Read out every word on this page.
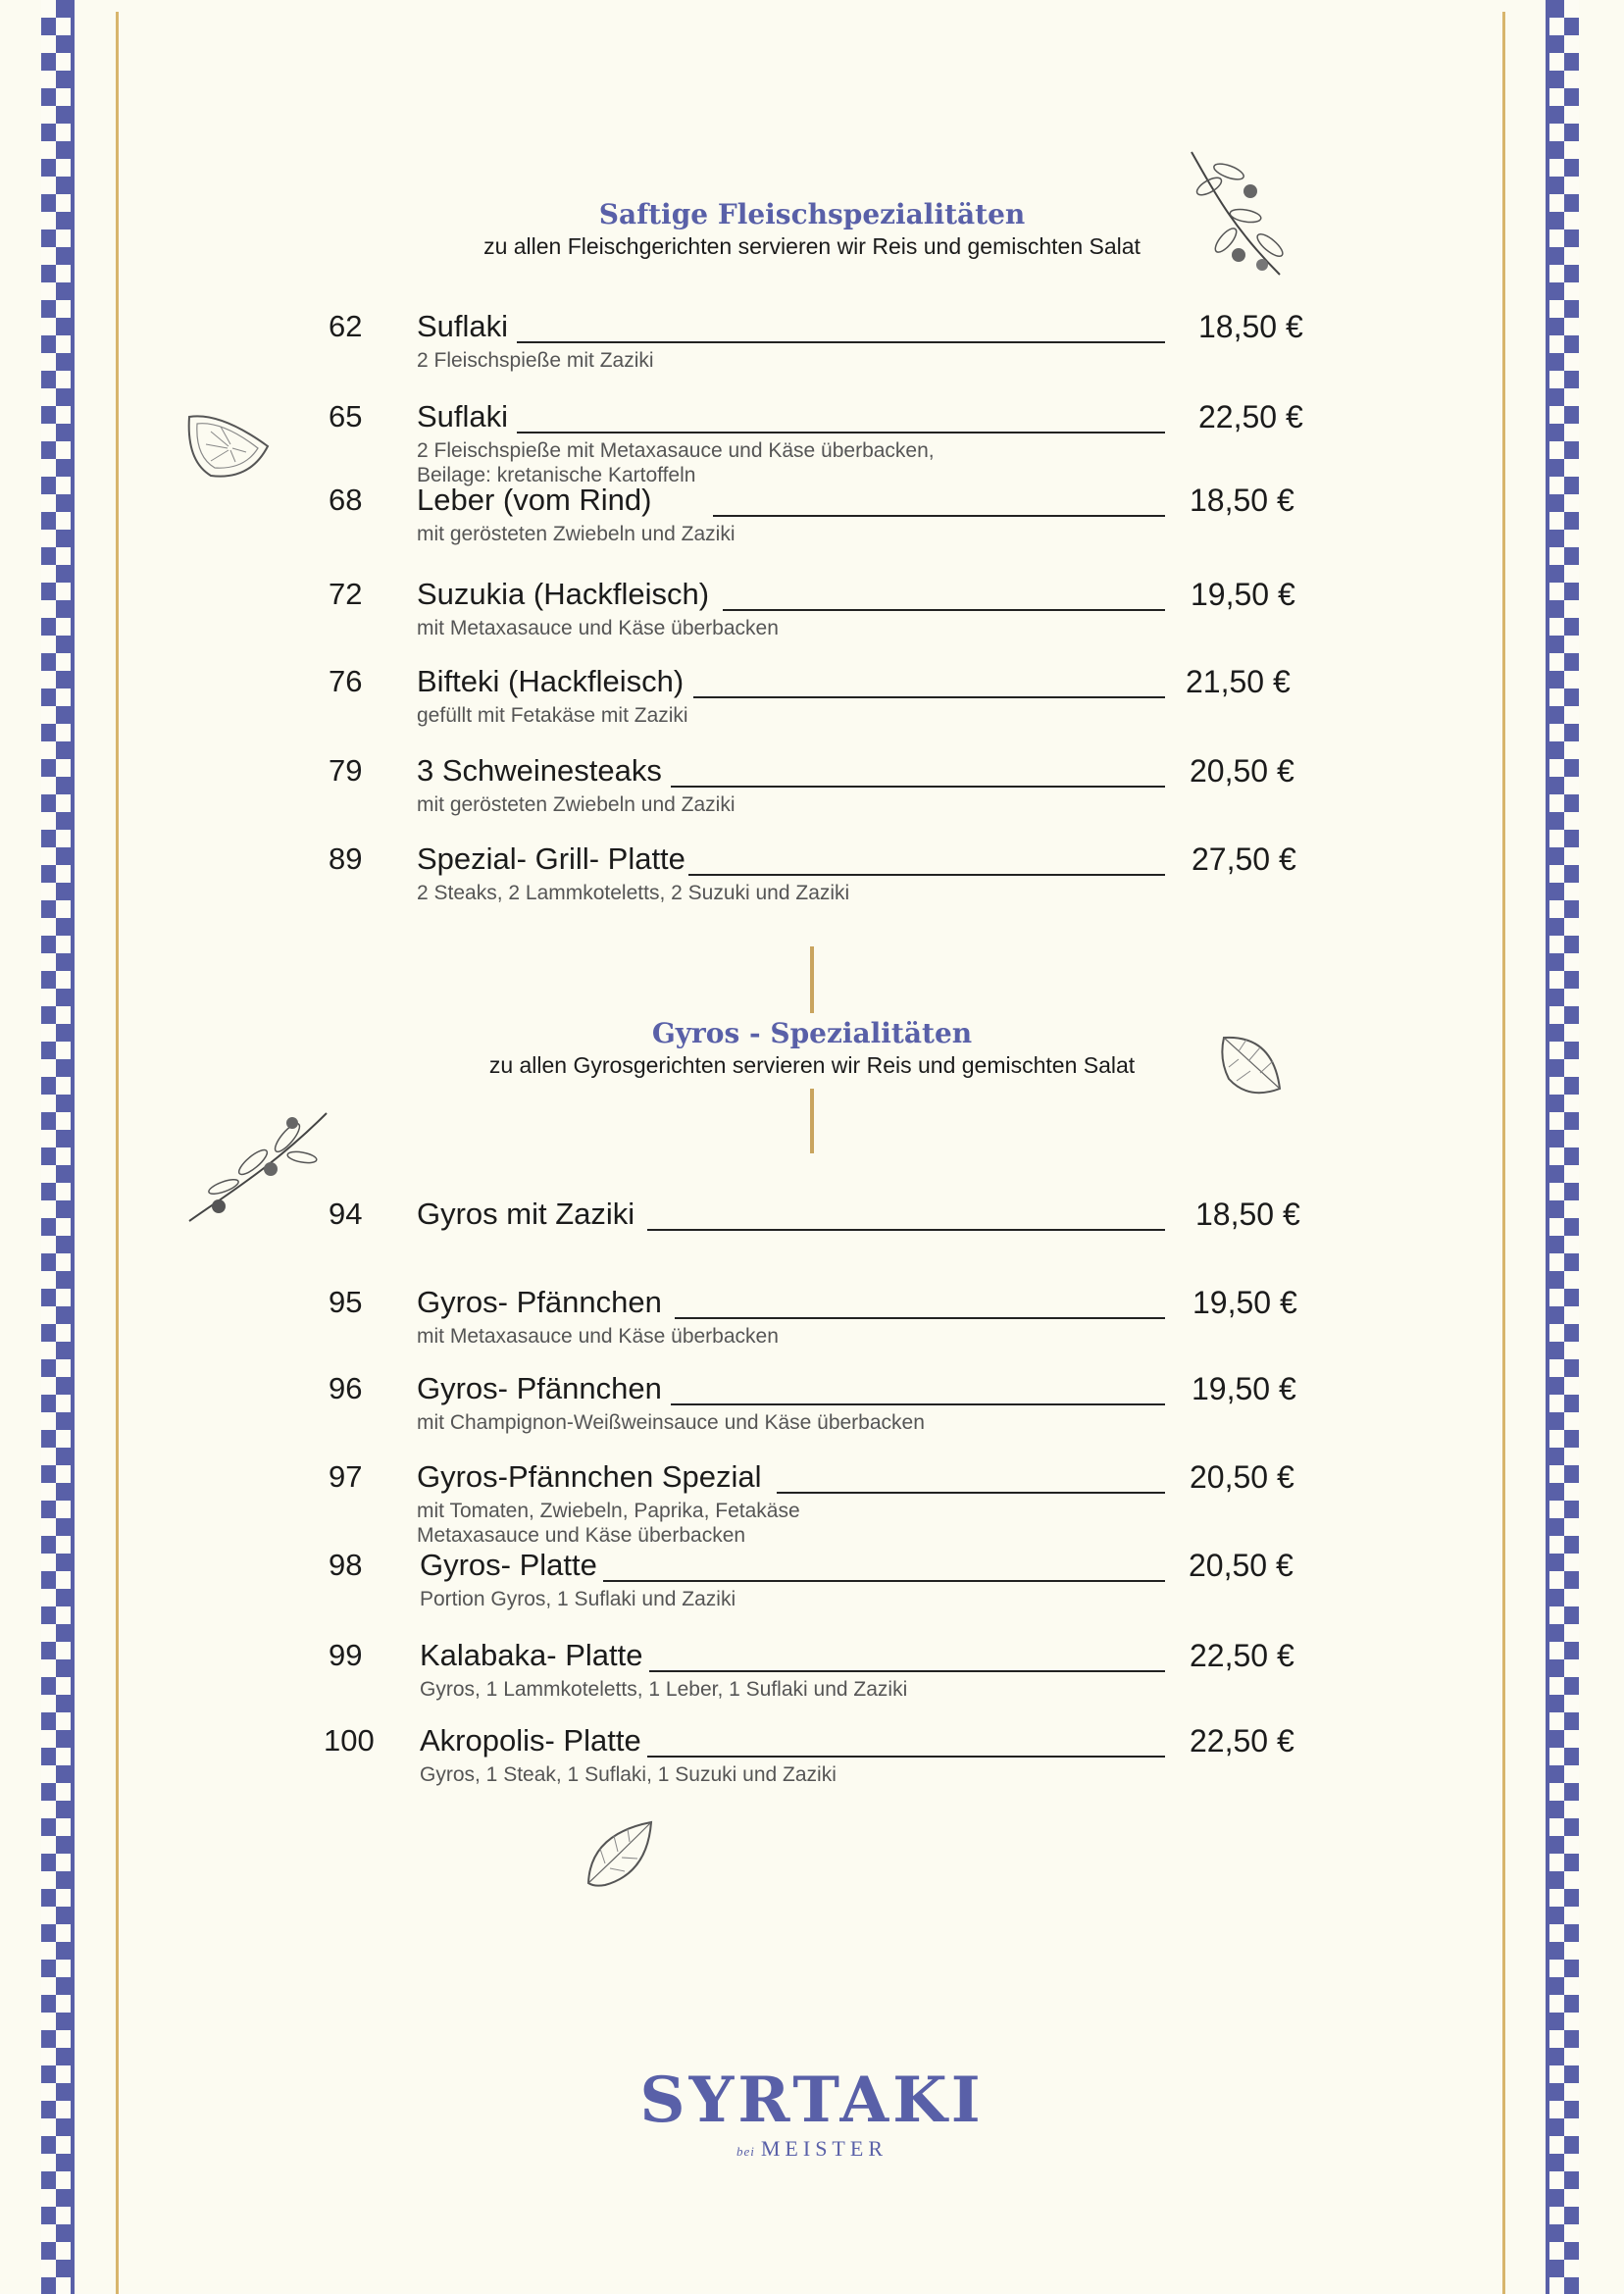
Saftige Fleischspezialitäten
zu allen Fleischgerichten servieren wir Reis und gemischten Salat
62 Suflaki	18,50 €
2 Fleischspieße mit Zaziki
65 Suflaki	22,50 €
2 Fleischspieße mit Metaxasauce und Käse überbacken,
Beilage: kretanische Kartoffeln
68 Leber (vom Rind)	18,50 €
mit gerösteten Zwiebeln und Zaziki
72 Suzukia (Hackfleisch)	19,50 €
mit Metaxasauce und Käse überbacken
76 Bifteki (Hackfleisch)	21,50 €
gefüllt mit Fetakäse mit Zaziki
79 3 Schweinesteaks	20,50 €
mit gerösteten Zwiebeln und Zaziki
89 Spezial- Grill- Platte	27,50 €
2 Steaks, 2 Lammkoteletts, 2 Suzuki und Zaziki
Gyros - Spezialitäten
zu allen Gyrosgerichten servieren wir Reis und gemischten Salat
94 Gyros mit Zaziki	18,50 €
95 Gyros- Pfännchen	19,50 €
mit Metaxasauce und Käse überbacken
96 Gyros- Pfännchen	19,50 €
mit Champignon-Weißweinsauce und Käse überbacken
97 Gyros-Pfännchen Spezial	20,50 €
mit Tomaten, Zwiebeln, Paprika, Fetakäse
Metaxasauce und Käse überbacken
98 Gyros- Platte	20,50 €
Portion Gyros, 1 Suflaki und Zaziki
99 Kalabaka- Platte	22,50 €
Gyros, 1 Lammkoteletts, 1 Leber, 1 Suflaki und Zaziki
100 Akropolis- Platte	22,50 €
Gyros, 1 Steak, 1 Suflaki, 1 Suzuki und Zaziki
SYRTAKI
bei MEISTER
